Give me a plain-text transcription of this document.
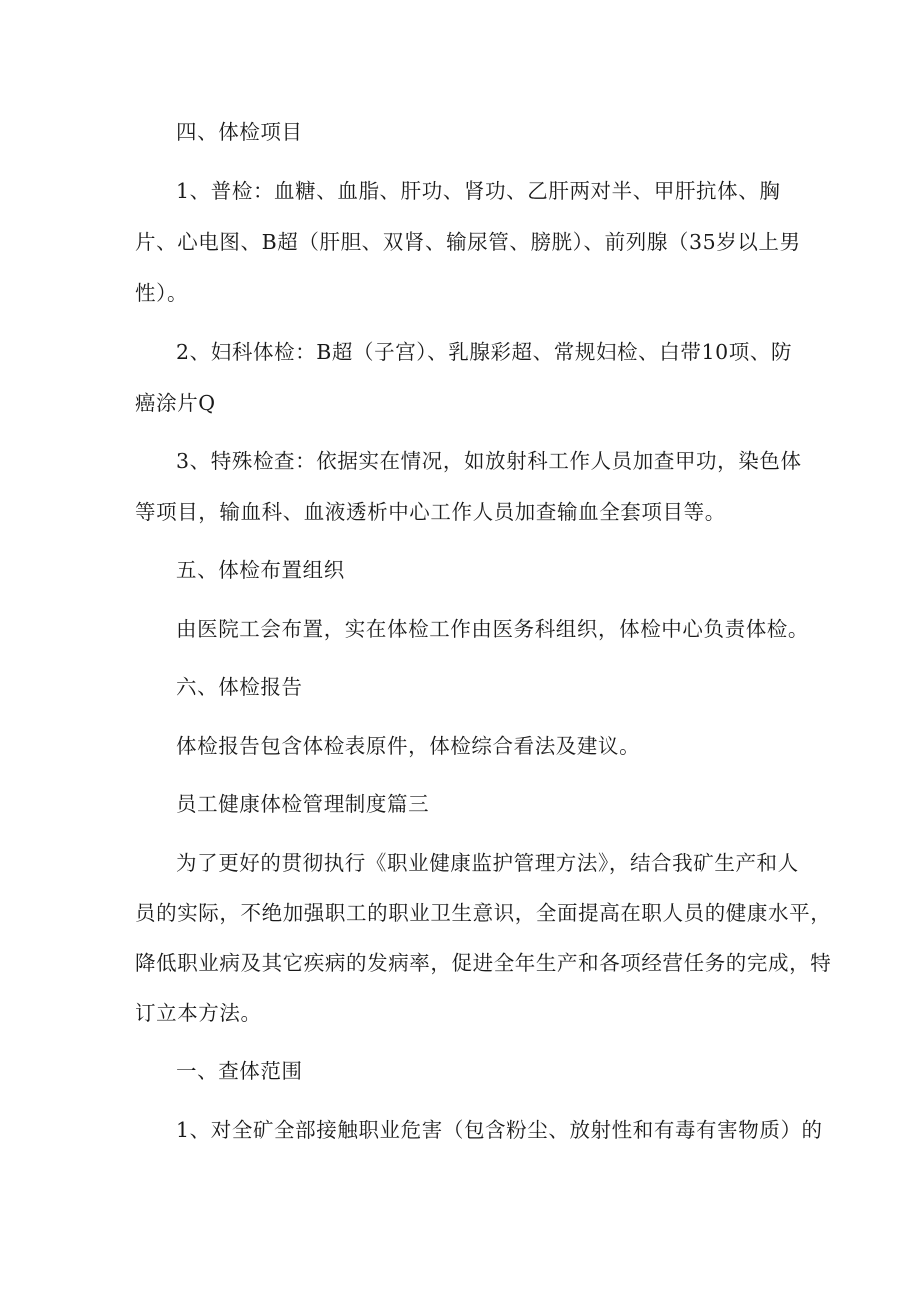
四、体检项目
1、普检：血糖、血脂、肝功、肾功、乙肝两对半、甲肝抗体、胸
片、心电图、B超（肝胆、双肾、输尿管、膀胱）、前列腺（35岁以上男
性）。
2、妇科体检：B超（子宫）、乳腺彩超、常规妇检、白带10项、防
癌涂片Q
3、特殊检查：依据实在情况，如放射科工作人员加查甲功，染色体
等项目，输血科、血液透析中心工作人员加查输血全套项目等。
五、体检布置组织
由医院工会布置，实在体检工作由医务科组织，体检中心负责体检。
六、体检报告
体检报告包含体检表原件，体检综合看法及建议。
员工健康体检管理制度篇三
为了更好的贯彻执行《职业健康监护管理方法》，结合我矿生产和人
员的实际，不绝加强职工的职业卫生意识，全面提高在职人员的健康水平，
降低职业病及其它疾病的发病率，促进全年生产和各项经营任务的完成，特
订立本方法。
一、查体范围
1、对全矿全部接触职业危害（包含粉尘、放射性和有毒有害物质）的
